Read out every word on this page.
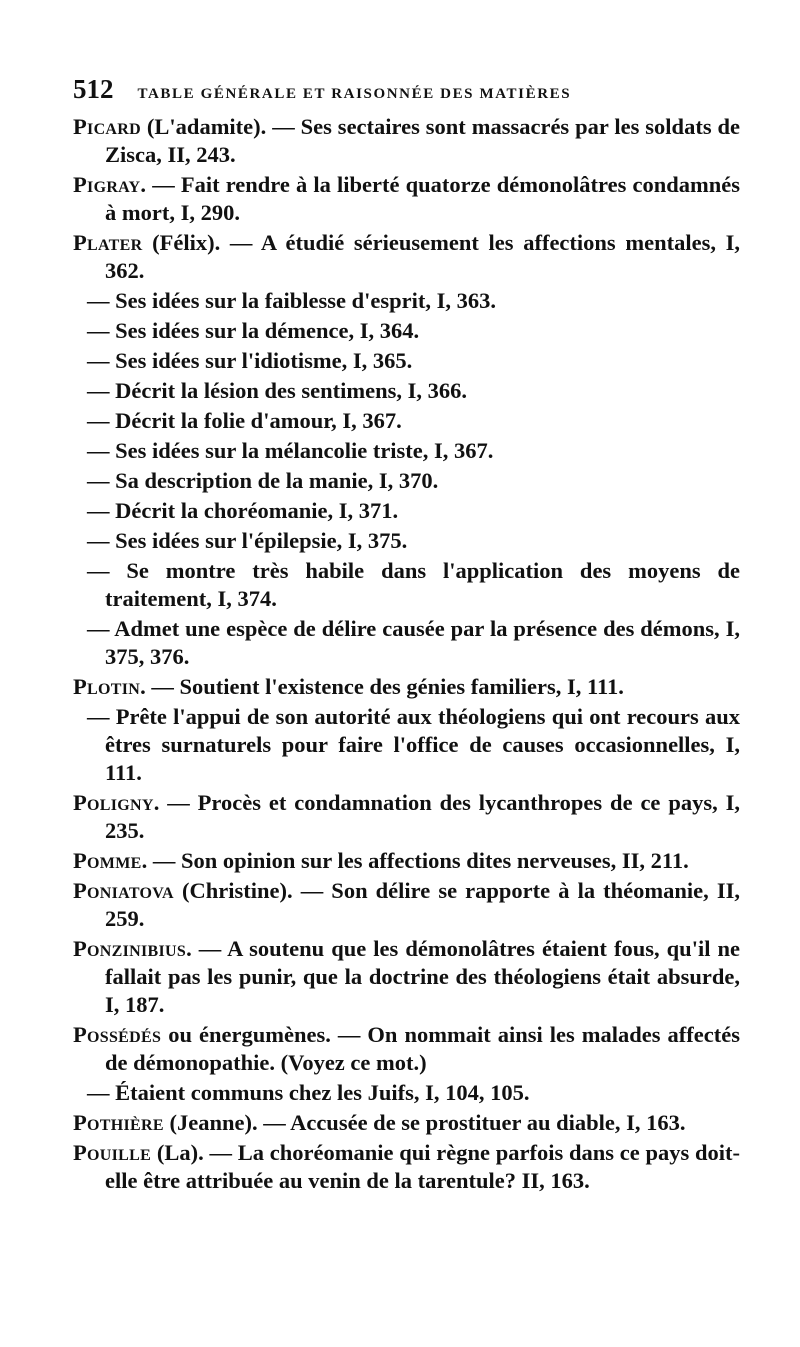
512 TABLE GÉNÉRALE ET RAISONNÉE DES MATIÈRES

Picard (L'adamite). — Ses sectaires sont massacrés par les soldats de Zisca, II, 243.

Pigray. — Fait rendre à la liberté quatorze démonolâtres condamnés à mort, I, 290.

Plater (Félix). — A étudié sérieusement les affections mentales, I, 362.

— Ses idées sur la faiblesse d'esprit, I, 363.

— Ses idées sur la démence, I, 364.

— Ses idées sur l'idiotisme, I, 365.

— Décrit la lésion des sentimens, I, 366.

— Décrit la folie d'amour, I, 367.

— Ses idées sur la mélancolie triste, I, 367.

— Sa description de la manie, I, 370.

— Décrit la choréomanie, I, 371.

— Ses idées sur l'épilepsie, I, 375.

— Se montre très habile dans l'application des moyens de traitement, I, 374.

— Admet une espèce de délire causée par la présence des démons, I, 375, 376.

Plotin. — Soutient l'existence des génies familiers, I, 111.

— Prête l'appui de son autorité aux théologiens qui ont recours aux êtres surnaturels pour faire l'office de causes occasionnelles, I, 111.

Poligny. — Procès et condamnation des lycanthropes de ce pays, I, 235.

Pomme. — Son opinion sur les affections dites nerveuses, II, 211.

Poniatova (Christine). — Son délire se rapporte à la théomanie, II, 259.

Ponzinibius. — A soutenu que les démonolâtres étaient fous, qu'il ne fallait pas les punir, que la doctrine des théologiens était absurde, I, 187.

Possédés ou énergumènes. — On nommait ainsi les malades affectés de démonopathie. (Voyez ce mot.)

— Étaient communs chez les Juifs, I, 104, 105.

Pothière (Jeanne). — Accusée de se prostituer au diable, I, 163.

Pouille (La). — La choréomanie qui règne parfois dans ce pays doit-elle être attribuée au venin de la tarentule? II, 163.
